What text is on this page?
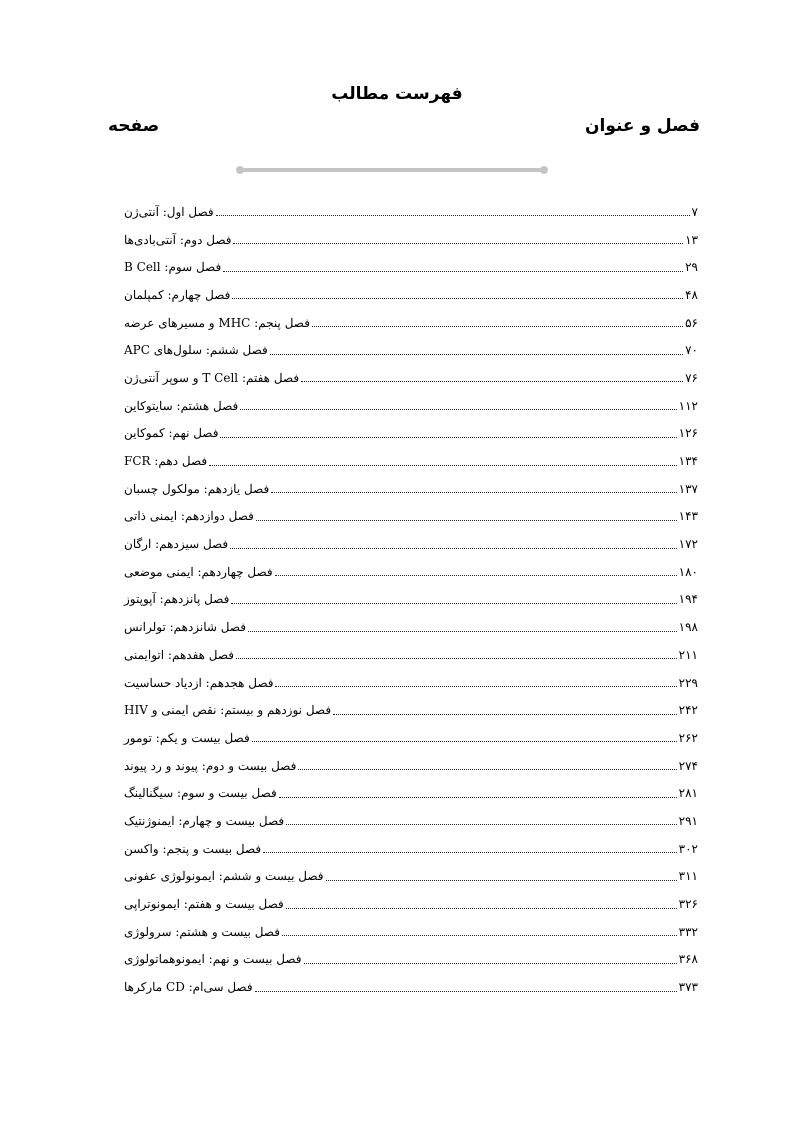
فهرست مطالب
فصل و عنوان
صفحه
فصل اول: آنتی‌ژن	۷
فصل دوم: آنتی‌بادی‌ها	۱۳
فصل سوم: B Cell	۲۹
فصل چهارم: کمپلمان	۴۸
فصل پنجم: MHC و مسیرهای عرضه	۵۶
فصل ششم: سلول‌های APC	۷۰
فصل هفتم: T Cell و سوپر آنتی‌ژن	۷۶
فصل هشتم: سایتوکاین	۱۱۲
فصل نهم: کموکاین	۱۲۶
فصل دهم: FCR	۱۳۴
فصل یازدهم: مولکول چسبان	۱۳۷
فصل دوازدهم: ایمنی ذاتی	۱۴۳
فصل سیزدهم: ارگان	۱۷۲
فصل چهاردهم: ایمنی موضعی	۱۸۰
فصل پانزدهم: آپوپتوز	۱۹۴
فصل شانزدهم: تولرانس	۱۹۸
فصل هفدهم: اتوایمنی	۲۱۱
فصل هجدهم: ازدیاد حساسیت	۲۲۹
فصل نوزدهم و بیستم: نقص ایمنی و HIV	۲۴۲
فصل بیست و یکم: تومور	۲۶۲
فصل بیست و دوم: پیوند و رد پیوند	۲۷۴
فصل بیست و سوم: سیگنالینگ	۲۸۱
فصل بیست و چهارم: ایمنوژنتیک	۲۹۱
فصل بیست و پنجم: واکسن	۳۰۲
فصل بیست و ششم: ایمونولوژی عفونی	۳۱۱
فصل بیست و هفتم: ایمونوتراپی	۳۲۶
فصل بیست و هشتم: سرولوژی	۳۳۲
فصل بیست و نهم: ایمونوهماتولوژی	۳۶۸
فصل سی‌ام: CD مارکرها	۳۷۳
